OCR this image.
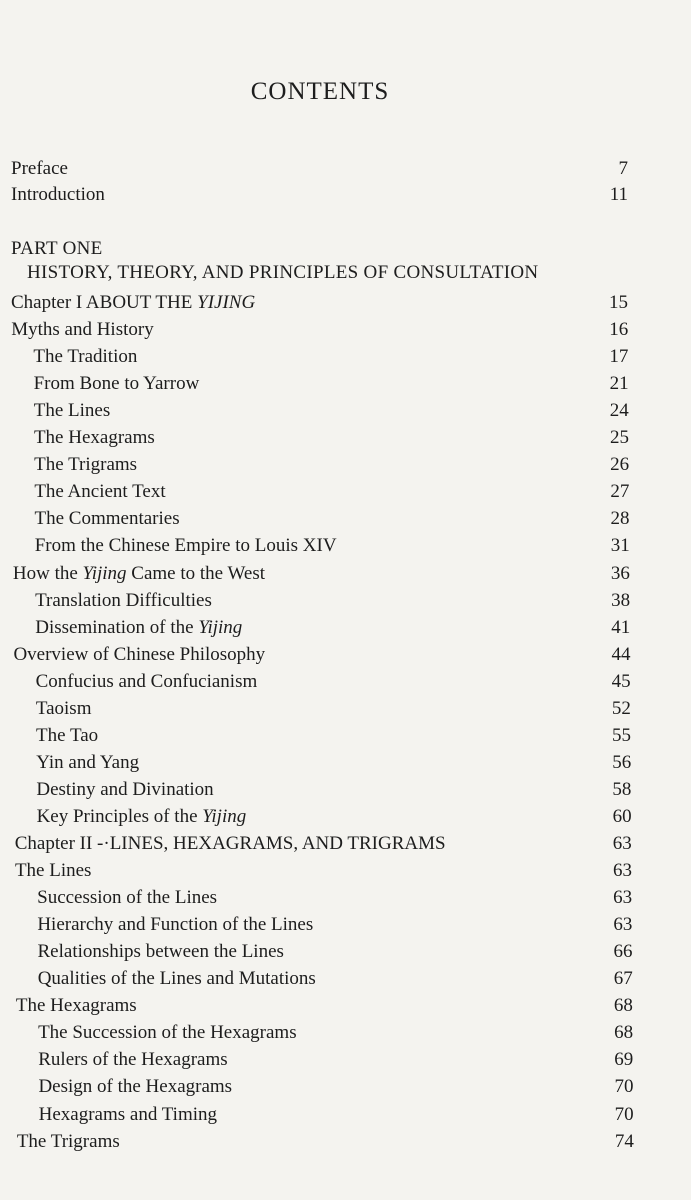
CONTENTS
Preface	7
Introduction	11
PART ONE
HISTORY, THEORY, AND PRINCIPLES OF CONSULTATION
Chapter I ABOUT THE YIJING	15
Myths and History	16
The Tradition	17
From Bone to Yarrow	21
The Lines	24
The Hexagrams	25
The Trigrams	26
The Ancient Text	27
The Commentaries	28
From the Chinese Empire to Louis XIV	31
How the Yijing Came to the West	36
Translation Difficulties	38
Dissemination of the Yijing	41
Overview of Chinese Philosophy	44
Confucius and Confucianism	45
Taoism	52
The Tao	55
Yin and Yang	56
Destiny and Divination	58
Key Principles of the Yijing	60
Chapter II -·LINES, HEXAGRAMS, AND TRIGRAMS	63
The Lines	63
Succession of the Lines	63
Hierarchy and Function of the Lines	63
Relationships between the Lines	66
Qualities of the Lines and Mutations	67
The Hexagrams	68
The Succession of the Hexagrams	68
Rulers of the Hexagrams	69
Design of the Hexagrams	70
Hexagrams and Timing	70
The Trigrams	74
